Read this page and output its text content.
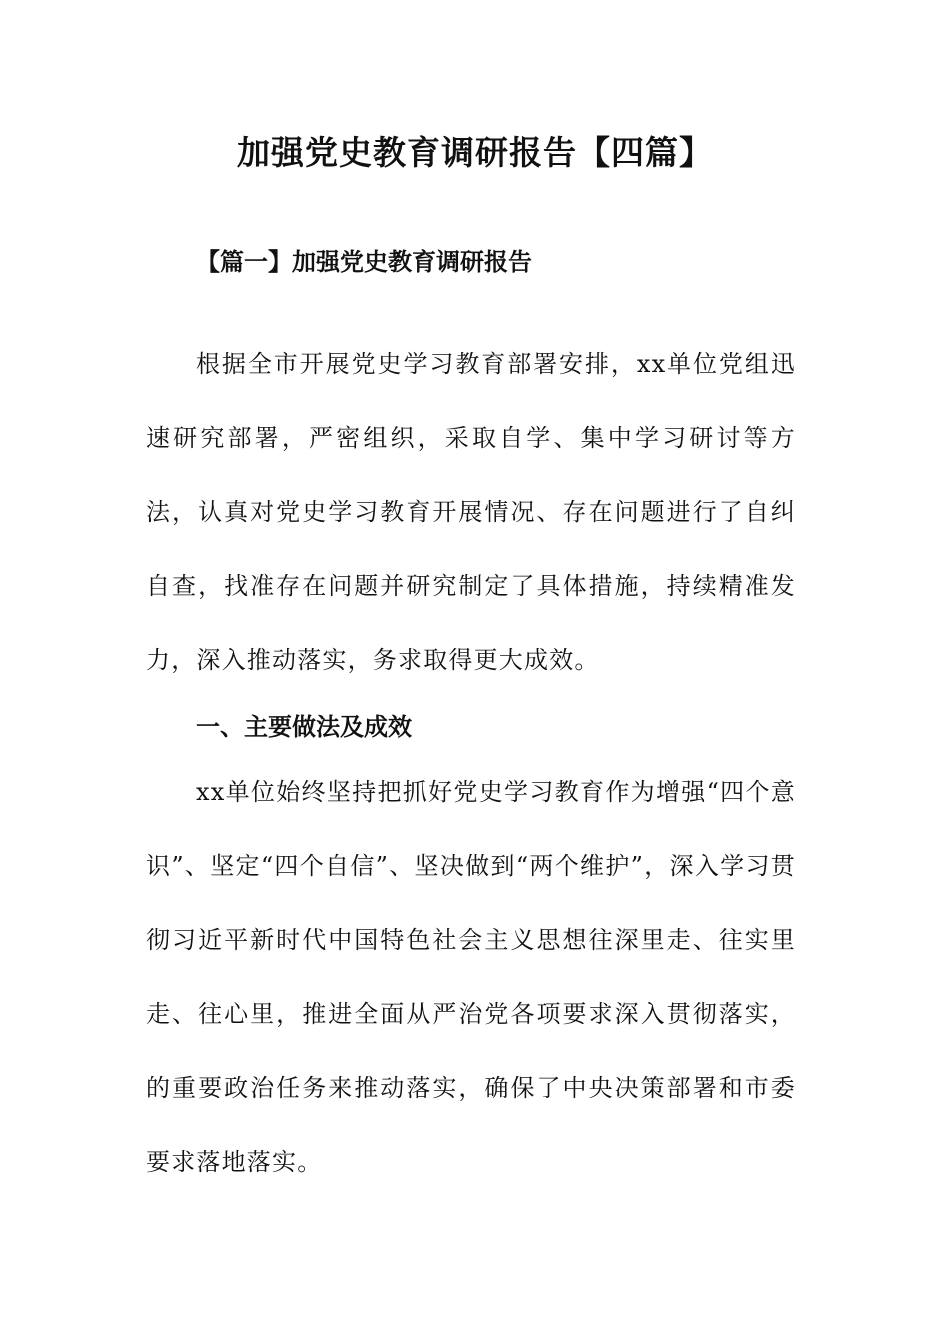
加强党史教育调研报告【四篇】
【篇一】加强党史教育调研报告

根据全市开展党史学习教育部署安排，xx单位党组迅速研究部署，严密组织，采取自学、集中学习研讨等方法，认真对党史学习教育开展情况、存在问题进行了自纠自查，找准存在问题并研究制定了具体措施，持续精准发力，深入推动落实，务求取得更大成效。

一、主要做法及成效

xx单位始终坚持把抓好党史学习教育作为增强“四个意识”、坚定“四个自信”、坚决做到“两个维护”，深入学习贯彻习近平新时代中国特色社会主义思想往深里走、往实里走、往心里，推进全面从严治党各项要求深入贯彻落实，的重要政治任务来推动落实，确保了中央决策部署和市委要求落地落实。
